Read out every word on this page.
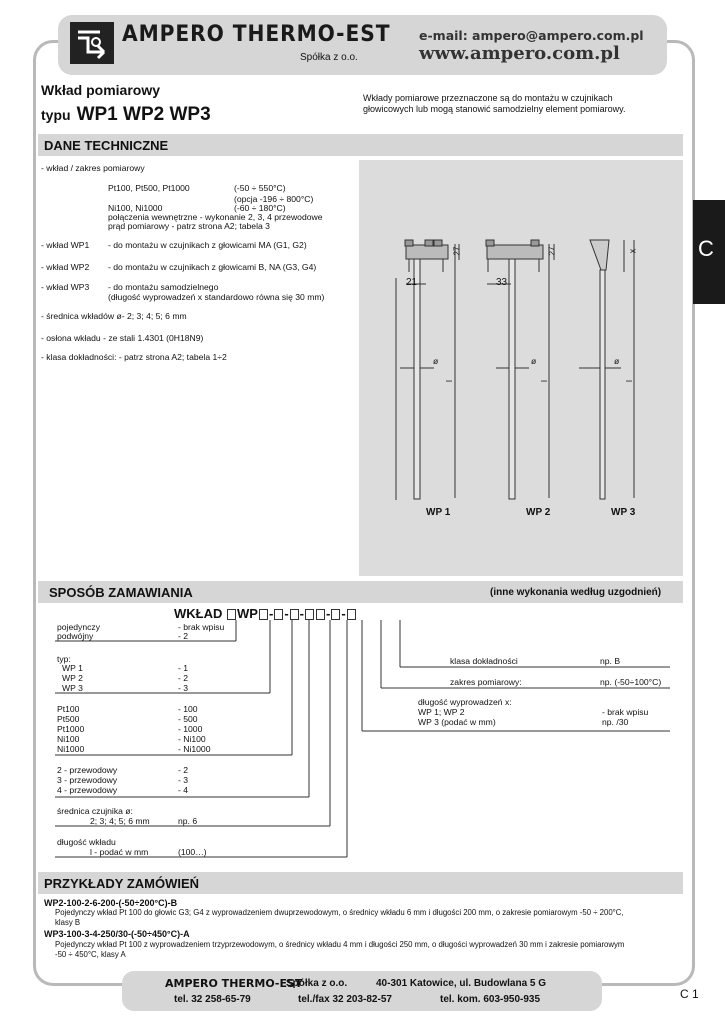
AMPERO THERMO-EST
Spółka z o.o.
e-mail: ampero@ampero.com.pl
www.ampero.com.pl
Wkład pomiarowy
typu WP1 WP2 WP3
Wkłady pomiarowe przeznaczone są do montażu w czujnikach głowicowych lub mogą stanowić samodzielny element pomiarowy.
C
DANE TECHNICZNE
- wkład / zakres pomiarowy
Pt100, Pt500, Pt1000	(-50 ÷ 550°C)
(opcja -196 ÷ 800°C)
Ni100, Ni1000	(-60 ÷ 180°C)
połączenia wewnętrzne - wykonanie 2, 3, 4 przewodowe
prąd pomiarowy - patrz strona A2; tabela 3
- wkład WP1 - do montażu w czujnikach z głowicami MA (G1, G2)
- wkład WP2 - do montażu w czujnikach z głowicami B, NA (G3, G4)
- wkład WP3 - do montażu samodzielnego
(długość wyprowadzeń x standardowo równa się 30 mm)
- średnica wkładów ø- 2; 3; 4; 5; 6 mm
- osłona wkładu - ze stali 1.4301 (0H18N9)
- klasa dokładności: - patrz strona A2; tabela 1÷2
27	27
21	33
x
ø	ø	ø
l	l	l
WP 1	WP 2	WP 3
SPOSÓB ZAMAWIANIA	(inne wykonania według uzgodnień)
WKŁAD WP - - - - -
pojedynczy	- brak wpisu
podwójny	- 2
typ:
WP 1	- 1
WP 2	- 2
WP 3	- 3
Pt100	- 100
Pt500	- 500
Pt1000	- 1000
Ni100	- Ni100
Ni1000	- Ni1000
2 - przewodowy	- 2
3 - przewodowy	- 3
4 - przewodowy	- 4
średnica czujnika ø:
2; 3; 4; 5; 6 mm	np. 6
długość wkładu
l - podać w mm	(100…)
klasa dokładności	np. B
zakres pomiarowy:	np. (-50÷100°C)
długość wyprowadzeń x:
WP 1; WP 2	- brak wpisu
WP 3 (podać w mm)	np. /30
PRZYKŁADY ZAMÓWIEŃ
WP2-100-2-6-200-(-50÷200°C)-B
Pojedynczy wkład Pt 100 do głowic G3; G4 z wyprowadzeniem dwuprzewodowym, o średnicy wkładu 6 mm i długości 200 mm, o zakresie pomiarowym -50 ÷ 200°C,
klasy B
WP3-100-3-4-250/30-(-50÷450°C)-A
Pojedynczy wkład Pt 100 z wyprowadzeniem trzyprzewodowym, o średnicy wkładu 4 mm i długości 250 mm, o długości wyprowadzeń 30 mm i zakresie pomiarowym
-50 ÷ 450°C, klasy A
AMPERO THERMO-EST
Spółka z o.o.	40-301 Katowice, ul. Budowlana 5 G
tel. 32 258-65-79	tel./fax 32 203-82-57	tel. kom. 603-950-935	C 1
